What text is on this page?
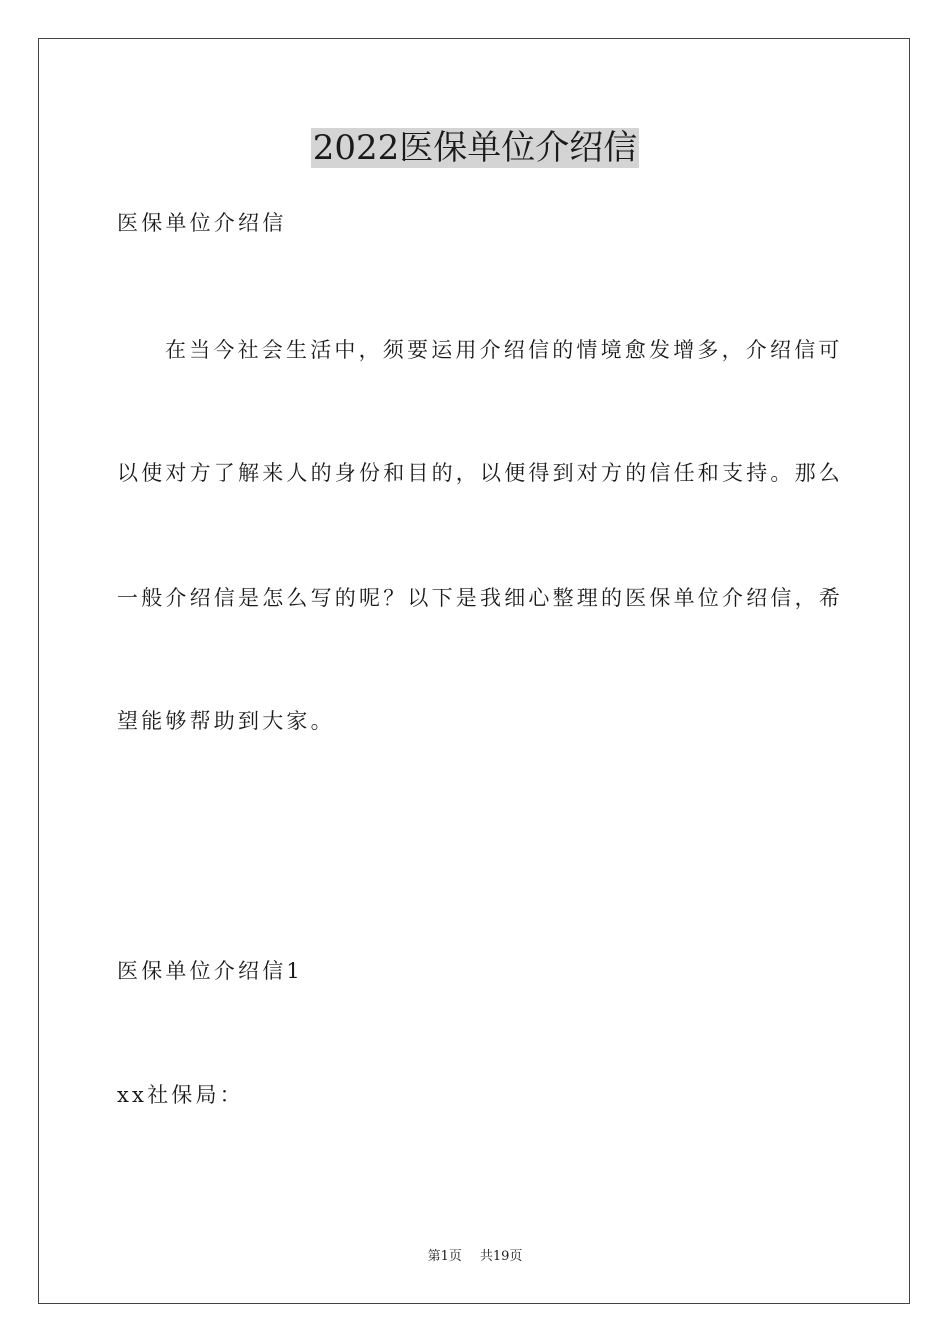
2022医保单位介绍信
医保单位介绍信
在当今社会生活中，须要运用介绍信的情境愈发增多，介绍信可
以使对方了解来人的身份和目的，以便得到对方的信任和支持。那么
一般介绍信是怎么写的呢？以下是我细心整理的医保单位介绍信，希
望能够帮助到大家。
医保单位介绍信1
xx社保局：
第1页 共19页
